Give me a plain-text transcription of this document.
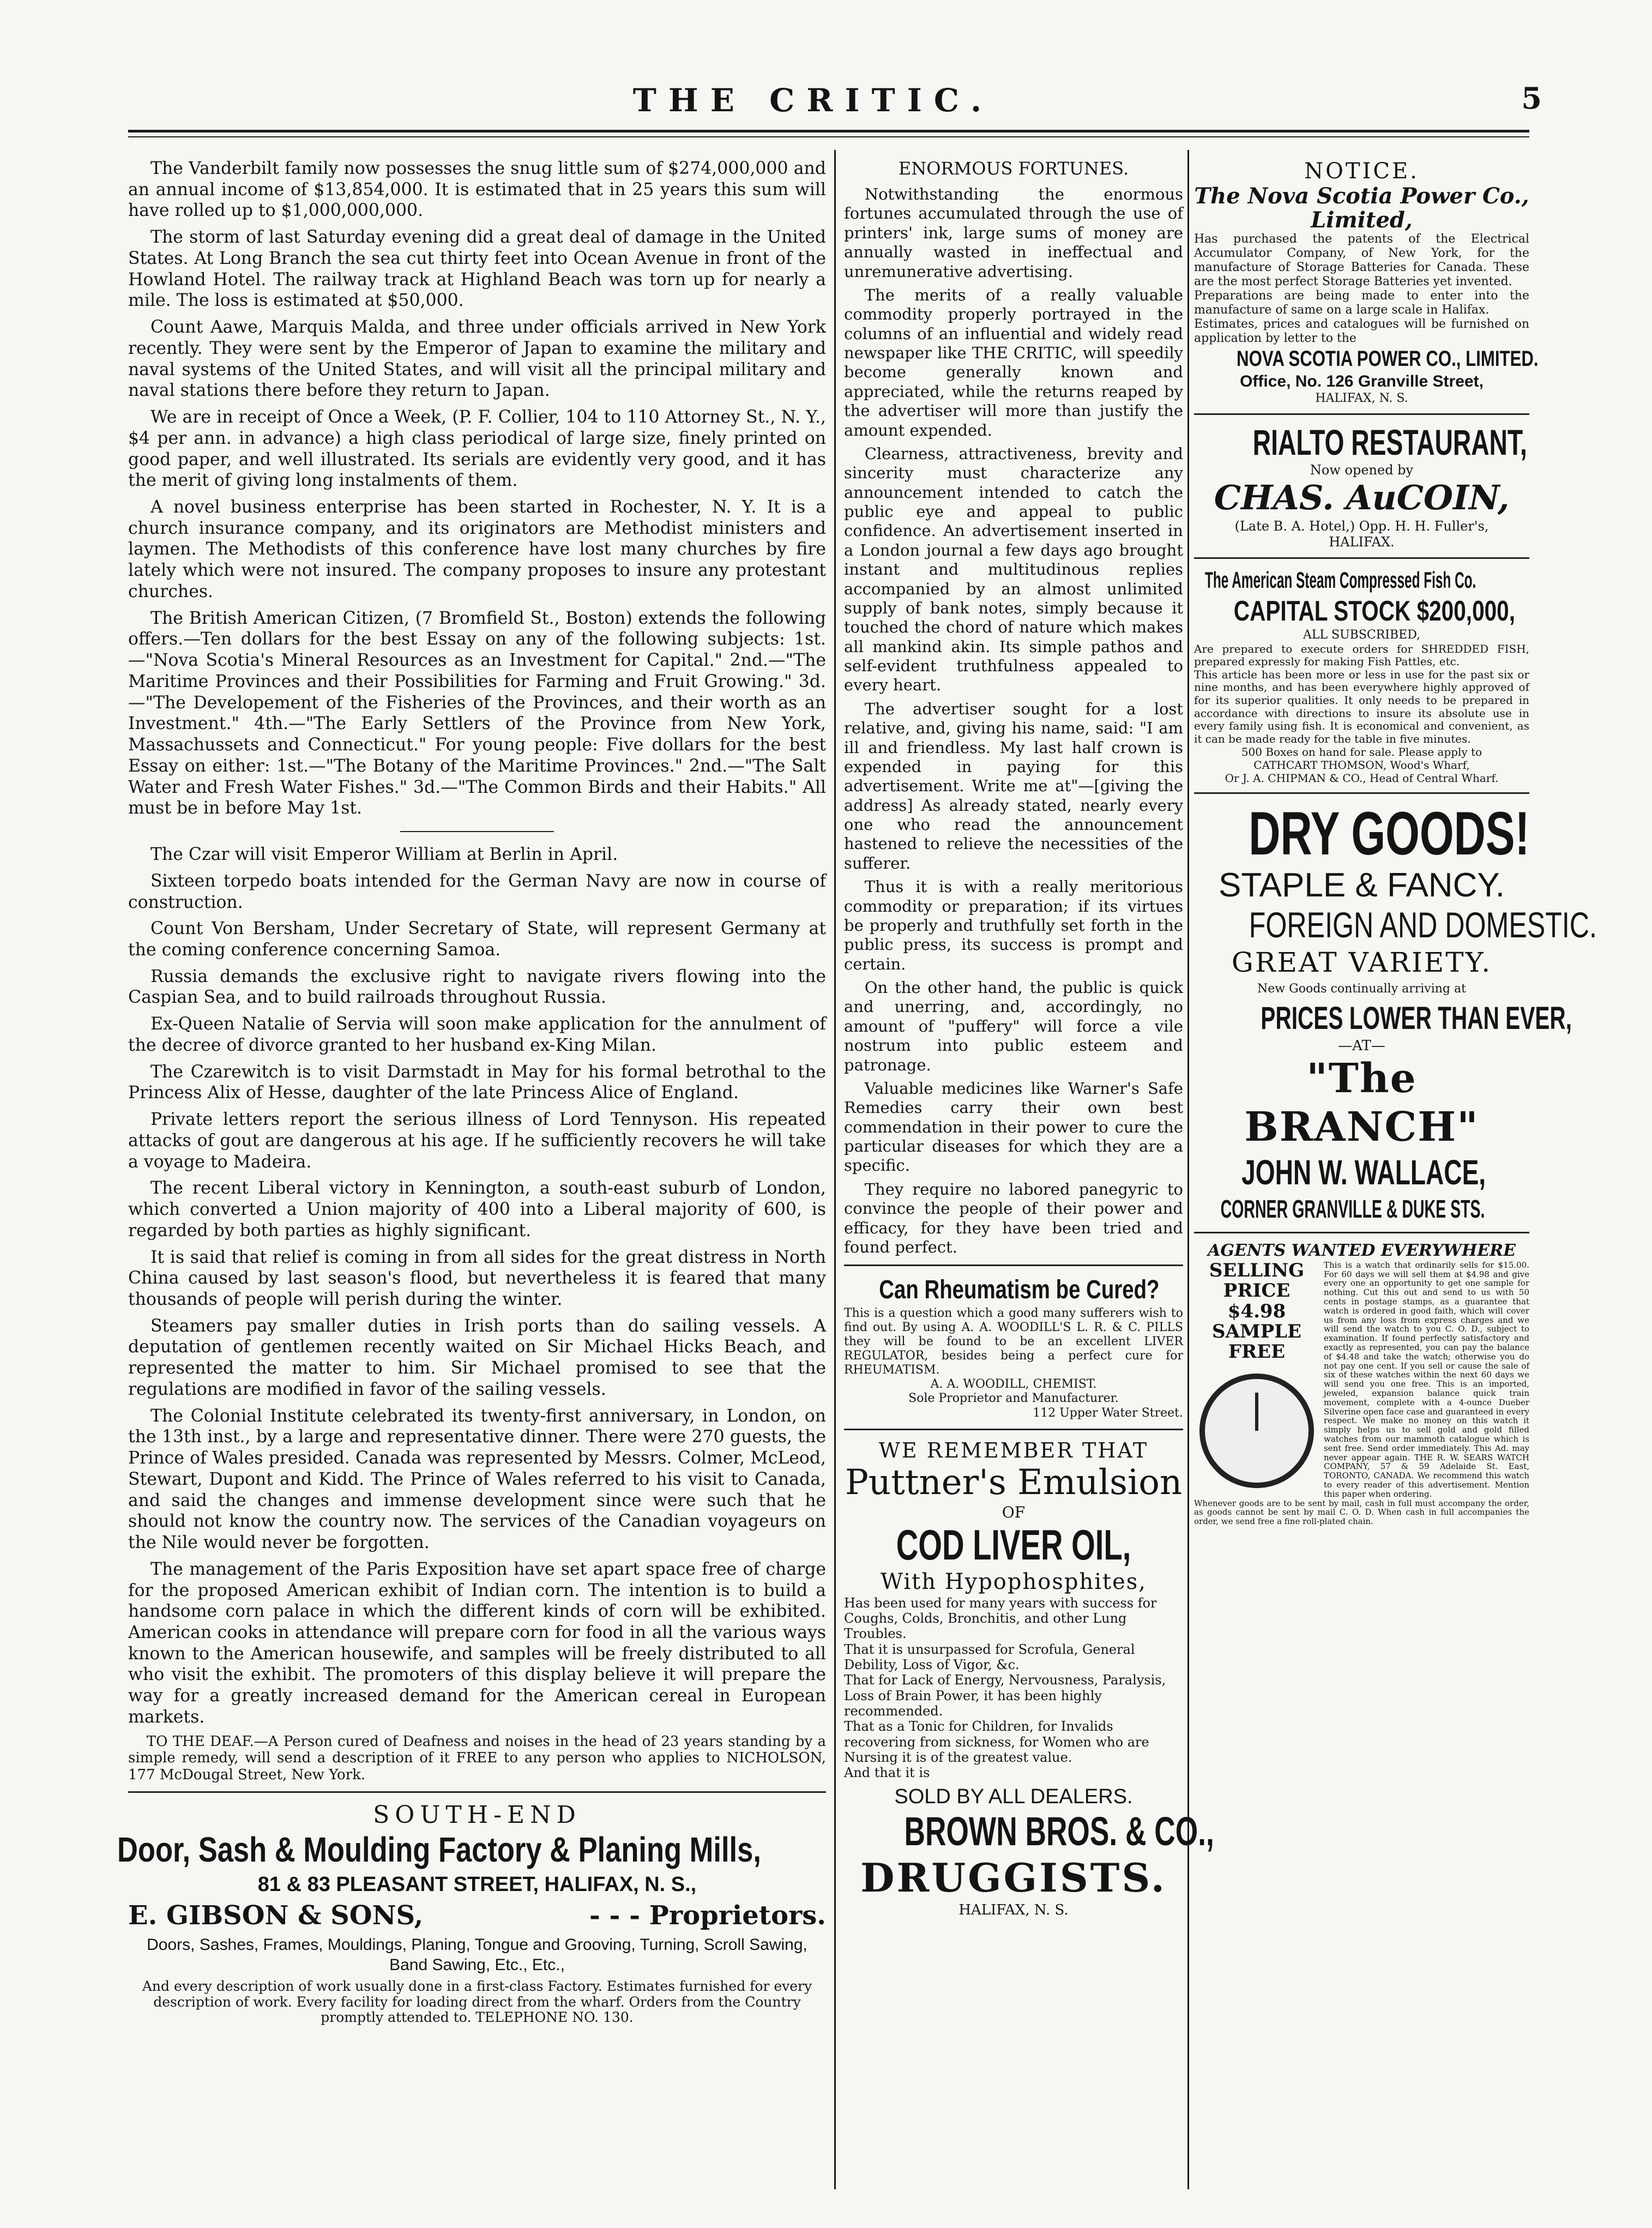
THE CRITIC.	5

The Vanderbilt family now possesses the snug little sum of $274,000,000 and an annual income of $13,854,000. It is estimated that in 25 years this sum will have rolled up to $1,000,000,000.

The storm of last Saturday evening did a great deal of damage in the United States. At Long Branch the sea cut thirty feet into Ocean Avenue in front of the Howland Hotel. The railway track at Highland Beach was torn up for nearly a mile. The loss is estimated at $50,000.

Count Aawe, Marquis Malda, and three under officials arrived in New York recently. They were sent by the Emperor of Japan to examine the military and naval systems of the United States, and will visit all the principal military and naval stations there before they return to Japan.

We are in receipt of Once a Week, (P. F. Collier, 104 to 110 Attorney St., N. Y., $4 per ann. in advance) a high class periodical of large size, finely printed on good paper, and well illustrated. Its serials are evidently very good, and it has the merit of giving long instalments of them.

A novel business enterprise has been started in Rochester, N. Y. It is a church insurance company, and its originators are Methodist ministers and laymen. The Methodists of this conference have lost many churches by fire lately which were not insured. The company proposes to insure any protestant churches.

The British American Citizen, (7 Bromfield St., Boston) extends the following offers.—Ten dollars for the best Essay on any of the following subjects: 1st.—"Nova Scotia's Mineral Resources as an Investment for Capital." 2nd.—"The Maritime Provinces and their Possibilities for Farming and Fruit Growing." 3d.—"The Developement of the Fisheries of the Provinces, and their worth as an Investment." 4th.—"The Early Settlers of the Province from New York, Massachussets and Connecticut." For young people: Five dollars for the best Essay on either: 1st.—"The Botany of the Maritime Provinces." 2nd.—"The Salt Water and Fresh Water Fishes." 3d.—"The Common Birds and their Habits." All must be in before May 1st.

The Czar will visit Emperor William at Berlin in April.

Sixteen torpedo boats intended for the German Navy are now in course of construction.

Count Von Bersham, Under Secretary of State, will represent Germany at the coming conference concerning Samoa.

Russia demands the exclusive right to navigate rivers flowing into the Caspian Sea, and to build railroads throughout Russia.

Ex-Queen Natalie of Servia will soon make application for the annulment of the decree of divorce granted to her husband ex-King Milan.

The Czarewitch is to visit Darmstadt in May for his formal betrothal to the Princess Alix of Hesse, daughter of the late Princess Alice of England.

Private letters report the serious illness of Lord Tennyson. His repeated attacks of gout are dangerous at his age. If he sufficiently recovers he will take a voyage to Madeira.

The recent Liberal victory in Kennington, a south-east suburb of London, which converted a Union majority of 400 into a Liberal majority of 600, is regarded by both parties as highly significant.

It is said that relief is coming in from all sides for the great distress in North China caused by last season's flood, but nevertheless it is feared that many thousands of people will perish during the winter.

Steamers pay smaller duties in Irish ports than do sailing vessels. A deputation of gentlemen recently waited on Sir Michael Hicks Beach, and represented the matter to him. Sir Michael promised to see that the regulations are modified in favor of the sailing vessels.

The Colonial Institute celebrated its twenty-first anniversary, in London, on the 13th inst., by a large and representative dinner. There were 270 guests, the Prince of Wales presided. Canada was represented by Messrs. Colmer, McLeod, Stewart, Dupont and Kidd. The Prince of Wales referred to his visit to Canada, and said the changes and immense development since were such that he should not know the country now. The services of the Canadian voyageurs on the Nile would never be forgotten.

The management of the Paris Exposition have set apart space free of charge for the proposed American exhibit of Indian corn. The intention is to build a handsome corn palace in which the different kinds of corn will be exhibited. American cooks in attendance will prepare corn for food in all the various ways known to the American housewife, and samples will be freely distributed to all who visit the exhibit. The promoters of this display believe it will prepare the way for a greatly increased demand for the American cereal in European markets.

TO THE DEAF.—A Person cured of Deafness and noises in the head of 23 years standing by a simple remedy, will send a description of it FREE to any person who applies to NICHOLSON, 177 McDougal Street, New York.

SOUTH-END
Door, Sash & Moulding Factory & Planing Mills,
81 & 83 PLEASANT STREET, HALIFAX, N. S.,
E. GIBSON & SONS,	- - - Proprietors.
Doors, Sashes, Frames, Mouldings, Planing, Tongue and Grooving, Turning, Scroll Sawing, Band Sawing, Etc., Etc.,
And every description of work usually done in a first-class Factory. Estimates furnished for every description of work. Every facility for loading direct from the wharf. Orders from the Country promptly attended to. TELEPHONE NO. 130.
ENORMOUS FORTUNES.

Notwithstanding the enormous fortunes accumulated through the use of printers' ink, large sums of money are annually wasted in ineffectual and unremunerative advertising.

The merits of a really valuable commodity properly portrayed in the columns of an influential and widely read newspaper like THE CRITIC, will speedily become generally known and appreciated, while the returns reaped by the advertiser will more than justify the amount expended.

Clearness, attractiveness, brevity and sincerity must characterize any announcement intended to catch the public eye and appeal to public confidence. An advertisement inserted in a London journal a few days ago brought instant and multitudinous replies accompanied by an almost unlimited supply of bank notes, simply because it touched the chord of nature which makes all mankind akin. Its simple pathos and self-evident truthfulness appealed to every heart.

The advertiser sought for a lost relative, and, giving his name, said: "I am ill and friendless. My last half crown is expended in paying for this advertisement. Write me at"—[giving the address] As already stated, nearly every one who read the announcement hastened to relieve the necessities of the sufferer.

Thus it is with a really meritorious commodity or preparation; if its virtues be properly and truthfully set forth in the public press, its success is prompt and certain.

On the other hand, the public is quick and unerring, and, accordingly, no amount of "puffery" will force a vile nostrum into public esteem and patronage.

Valuable medicines like Warner's Safe Remedies carry their own best commendation in their power to cure the particular diseases for which they are a specific.

They require no labored panegyric to convince the people of their power and efficacy, for they have been tried and found perfect.

Can Rheumatism be Cured?
This is a question which a good many sufferers wish to find out. By using A. A. WOODILL'S L. R. & C. PILLS they will be found to be an excellent LIVER REGULATOR, besides being a perfect cure for RHEUMATISM.
A. A. WOODILL, CHEMIST.
Sole Proprietor and Manufacturer.
112 Upper Water Street.
WE REMEMBER THAT
Puttner's Emulsion
OF
COD LIVER OIL,
With Hypophosphites,
Has been used for many years with success for Coughs, Colds, Bronchitis, and other Lung Troubles.
That it is unsurpassed for Scrofula, General Debility, Loss of Vigor, &c.
That for Lack of Energy, Nervousness, Paralysis, Loss of Brain Power, it has been highly recommended.
That as a Tonic for Children, for Invalids recovering from sickness, for Women who are Nursing it is of the greatest value.
And that it is
SOLD BY ALL DEALERS.
BROWN BROS. & CO.,
DRUGGISTS.
HALIFAX, N. S.
NOTICE.
The Nova Scotia Power Co., Limited,
Has purchased the patents of the Electrical Accumulator Company, of New York, for the manufacture of Storage Batteries for Canada. These are the most perfect Storage Batteries yet invented.
Preparations are being made to enter into the manufacture of same on a large scale in Halifax.
Estimates, prices and catalogues will be furnished on application by letter to the
NOVA SCOTIA POWER CO., LIMITED.
Office, No. 126 Granville Street,
HALIFAX, N. S.
RIALTO RESTAURANT,
Now opened by
CHAS. AuCOIN,
(Late B. A. Hotel,) Opp. H. H. Fuller's,
HALIFAX.
The American Steam Compressed Fish Co.
CAPITAL STOCK $200,000,
ALL SUBSCRIBED,
Are prepared to execute orders for SHREDDED FISH, prepared expressly for making Fish Pattles, etc.
This article has been more or less in use for the past six or nine months, and has been everywhere highly approved of for its superior qualities. It only needs to be prepared in accordance with directions to insure its absolute use in every family using fish. It is economical and convenient, as it can be made ready for the table in five minutes.
500 Boxes on hand for sale. Please apply to
CATHCART THOMSON, Wood's Wharf,
Or J. A. CHIPMAN & CO., Head of Central Wharf.
DRY GOODS!
STAPLE & FANCY.
FOREIGN AND DOMESTIC.
GREAT VARIETY.
New Goods continually arriving at
PRICES LOWER THAN EVER,
—AT—
"The BRANCH"
JOHN W. WALLACE,
CORNER GRANVILLE & DUKE STS.
AGENTS WANTED EVERYWHERE
SELLING PRICE $4.98 SAMPLE FREE
This is a watch that ordinarily sells for $15.00. For 60 days we will sell them at $4.98 and give every one an opportunity to get one sample for nothing. Cut this out and send to us with 50 cents in postage stamps, as a guarantee that watch is ordered in good faith, which will cover us from any loss from express charges and we will send the watch to you C. O. D., subject to examination. If found perfectly satisfactory and exactly as represented, you can pay the balance of $4.48 and take the watch; otherwise you do not pay one cent. If you sell or cause the sale of six of these watches within the next 60 days we will send you one free. This is an imported, jeweled, expansion balance quick train movement, complete with a 4-ounce Dueber Silverine open face case and guaranteed in every respect. We make no money on this watch it simply helps us to sell gold and gold filled watches from our mammoth catalogue which is sent free. Send order immediately. This Ad. may never appear again. THE R. W. SEARS WATCH COMPANY, 57 & 59 Adelaide St. East, TORONTO, CANADA. We recommend this watch to every reader of this advertisement. Mention this paper when ordering.
Whenever goods are to be sent by mail, cash in full must accompany the order, as goods cannot be sent by mail C. O. D. When cash in full accompanies the order, we send free a fine roll-plated chain.
